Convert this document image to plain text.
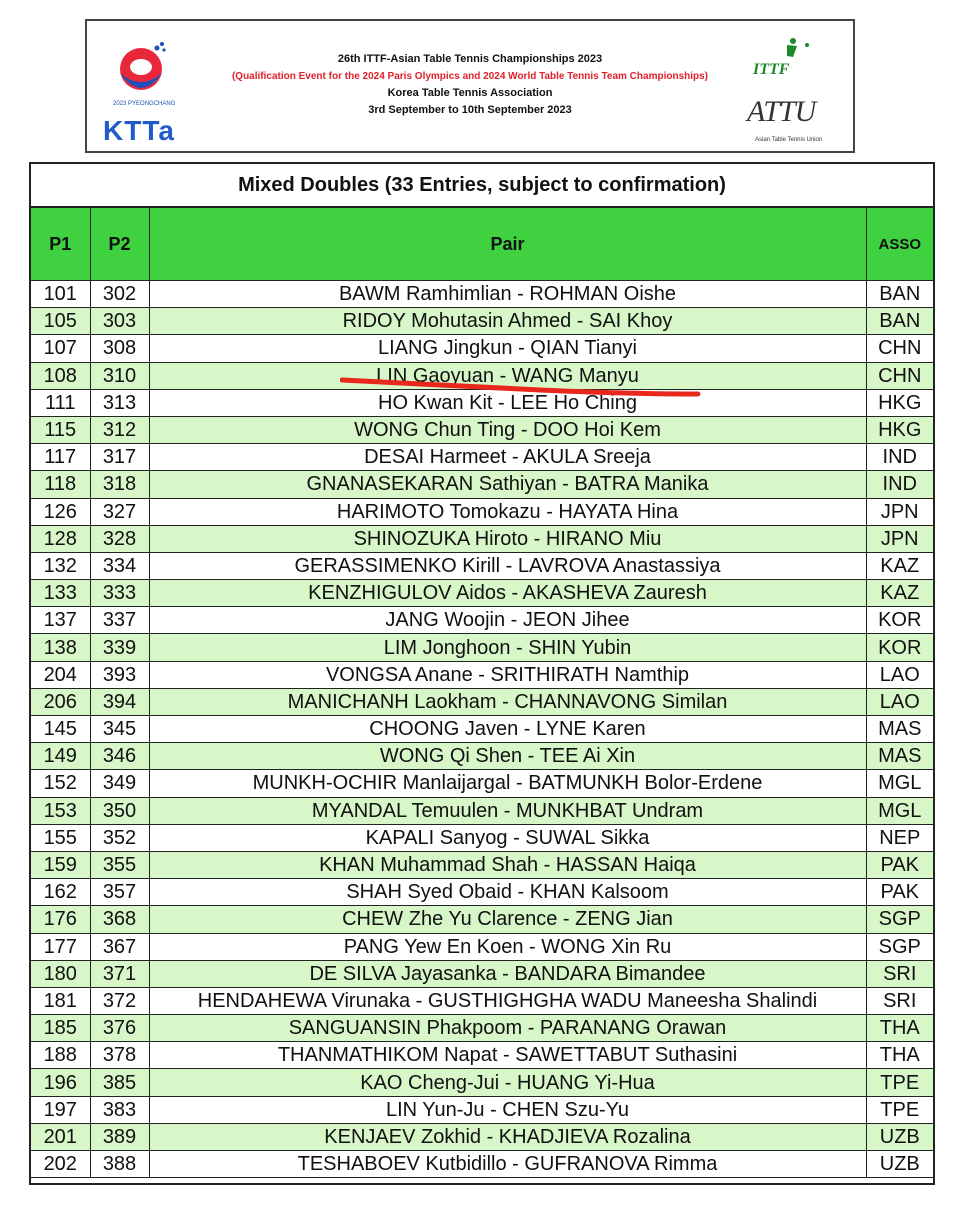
2023 PYEONGCHANG
KTTa
26th ITTF-Asian Table Tennis Championships 2023
(Qualification Event for the 2024 Paris Olympics and 2024 World Table Tennis Team Championships)
Korea Table Tennis Association
3rd September to 10th September 2023
ITTF
ATTU
Asian Table Tennis Union
Mixed Doubles (33 Entries, subject to confirmation)
P1	P2	Pair	ASSO
101	302	BAWM Ramhimlian - ROHMAN Oishe	BAN
105	303	RIDOY Mohutasin Ahmed - SAI Khoy	BAN
107	308	LIANG Jingkun - QIAN Tianyi	CHN
108	310	LIN Gaoyuan - WANG Manyu	CHN
111	313	HO Kwan Kit - LEE Ho Ching	HKG
115	312	WONG Chun Ting - DOO Hoi Kem	HKG
117	317	DESAI Harmeet - AKULA Sreeja	IND
118	318	GNANASEKARAN Sathiyan - BATRA Manika	IND
126	327	HARIMOTO Tomokazu - HAYATA Hina	JPN
128	328	SHINOZUKA Hiroto - HIRANO Miu	JPN
132	334	GERASSIMENKO Kirill - LAVROVA Anastassiya	KAZ
133	333	KENZHIGULOV Aidos - AKASHEVA Zauresh	KAZ
137	337	JANG Woojin - JEON Jihee	KOR
138	339	LIM Jonghoon - SHIN Yubin	KOR
204	393	VONGSA Anane - SRITHIRATH Namthip	LAO
206	394	MANICHANH Laokham - CHANNAVONG Similan	LAO
145	345	CHOONG Javen - LYNE Karen	MAS
149	346	WONG Qi Shen - TEE Ai Xin	MAS
152	349	MUNKH-OCHIR Manlaijargal - BATMUNKH Bolor-Erdene	MGL
153	350	MYANDAL Temuulen - MUNKHBAT Undram	MGL
155	352	KAPALI Sanyog - SUWAL Sikka	NEP
159	355	KHAN Muhammad Shah - HASSAN Haiqa	PAK
162	357	SHAH Syed Obaid - KHAN Kalsoom	PAK
176	368	CHEW Zhe Yu Clarence - ZENG Jian	SGP
177	367	PANG Yew En Koen - WONG Xin Ru	SGP
180	371	DE SILVA Jayasanka - BANDARA Bimandee	SRI
181	372	HENDAHEWA Virunaka - GUSTHIGHGHA WADU Maneesha Shalindi	SRI
185	376	SANGUANSIN Phakpoom - PARANANG Orawan	THA
188	378	THANMATHIKOM Napat - SAWETTABUT Suthasini	THA
196	385	KAO Cheng-Jui - HUANG Yi-Hua	TPE
197	383	LIN Yun-Ju - CHEN Szu-Yu	TPE
201	389	KENJAEV Zokhid - KHADJIEVA Rozalina	UZB
202	388	TESHABOEV Kutbidillo - GUFRANOVA Rimma	UZB
